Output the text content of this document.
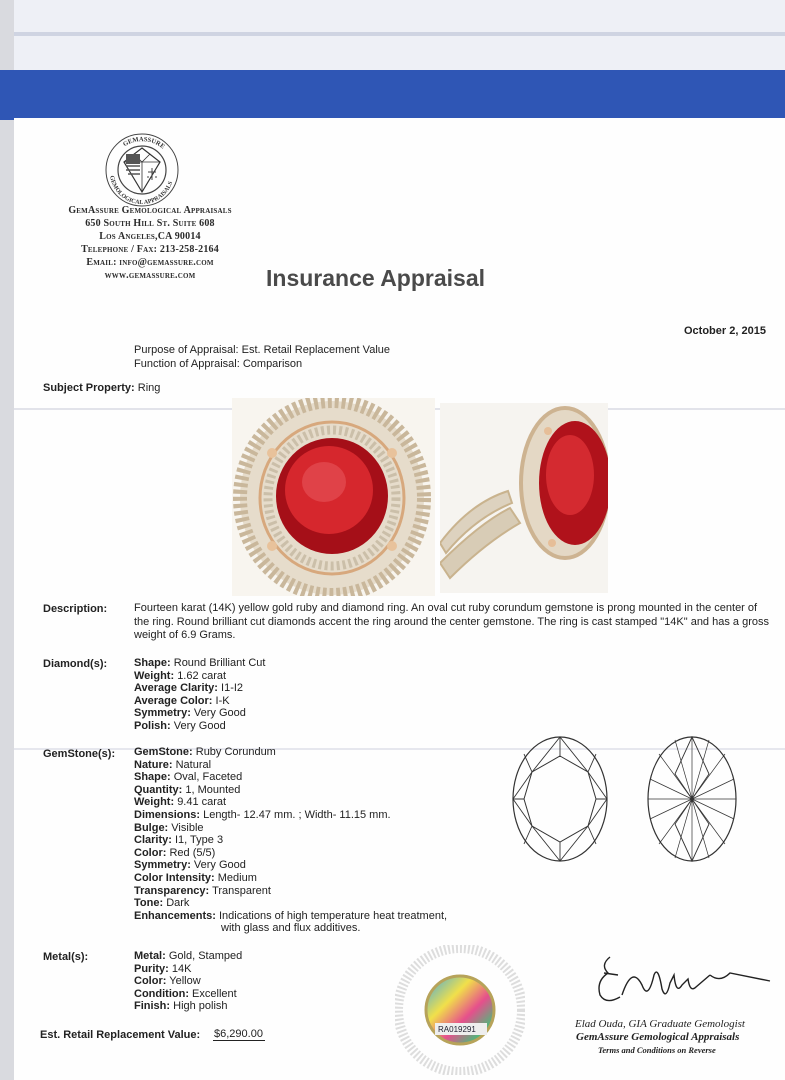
GEMASSURE
GEMOLOGICAL APPRAISALS
GemAssure Gemological Appraisals
650 South Hill St. Suite 608
Los Angeles,CA 90014
Telephone / Fax: 213-258-2164
Email: info@gemassure.com
www.gemassure.com	Insurance Appraisal
October 2, 2015
Purpose of Appraisal: Est. Retail Replacement Value
Function of Appraisal: Comparison
Subject Property: Ring
Description: Fourteen karat (14K) yellow gold ruby and diamond ring. An oval cut ruby corundum gemstone is prong mounted in the center of the ring. Round brilliant cut diamonds accent the ring around the center gemstone. The ring is cast stamped "14K" and has a gross weight of 6.9 Grams.
Diamond(s): Shape: Round Brilliant Cut
Weight: 1.62 carat
Average Clarity: I1-I2
Average Color: I-K
Symmetry: Very Good
Polish: Very Good
GemStone(s): GemStone: Ruby Corundum
Nature: Natural
Shape: Oval, Faceted
Quantity: 1, Mounted
Weight: 9.41 carat
Dimensions: Length- 12.47 mm. ; Width- 11.15 mm.
Bulge: Visible
Clarity: I1, Type 3
Color: Red (5/5)
Symmetry: Very Good
Color Intensity: Medium
Transparency: Transparent
Tone: Dark
Enhancements: Indications of high temperature heat treatment,
with glass and flux additives.
Metal(s):	Metal: Gold, Stamped
Purity: 14K
Color: Yellow
Condition: Excellent
Finish: High polish
Est. Retail Replacement Value: $6,290.00	RA019291	Elad Ouda, GIA Graduate Gemologist
GemAssure Gemological Appraisals
Terms and Conditions on Reverse
